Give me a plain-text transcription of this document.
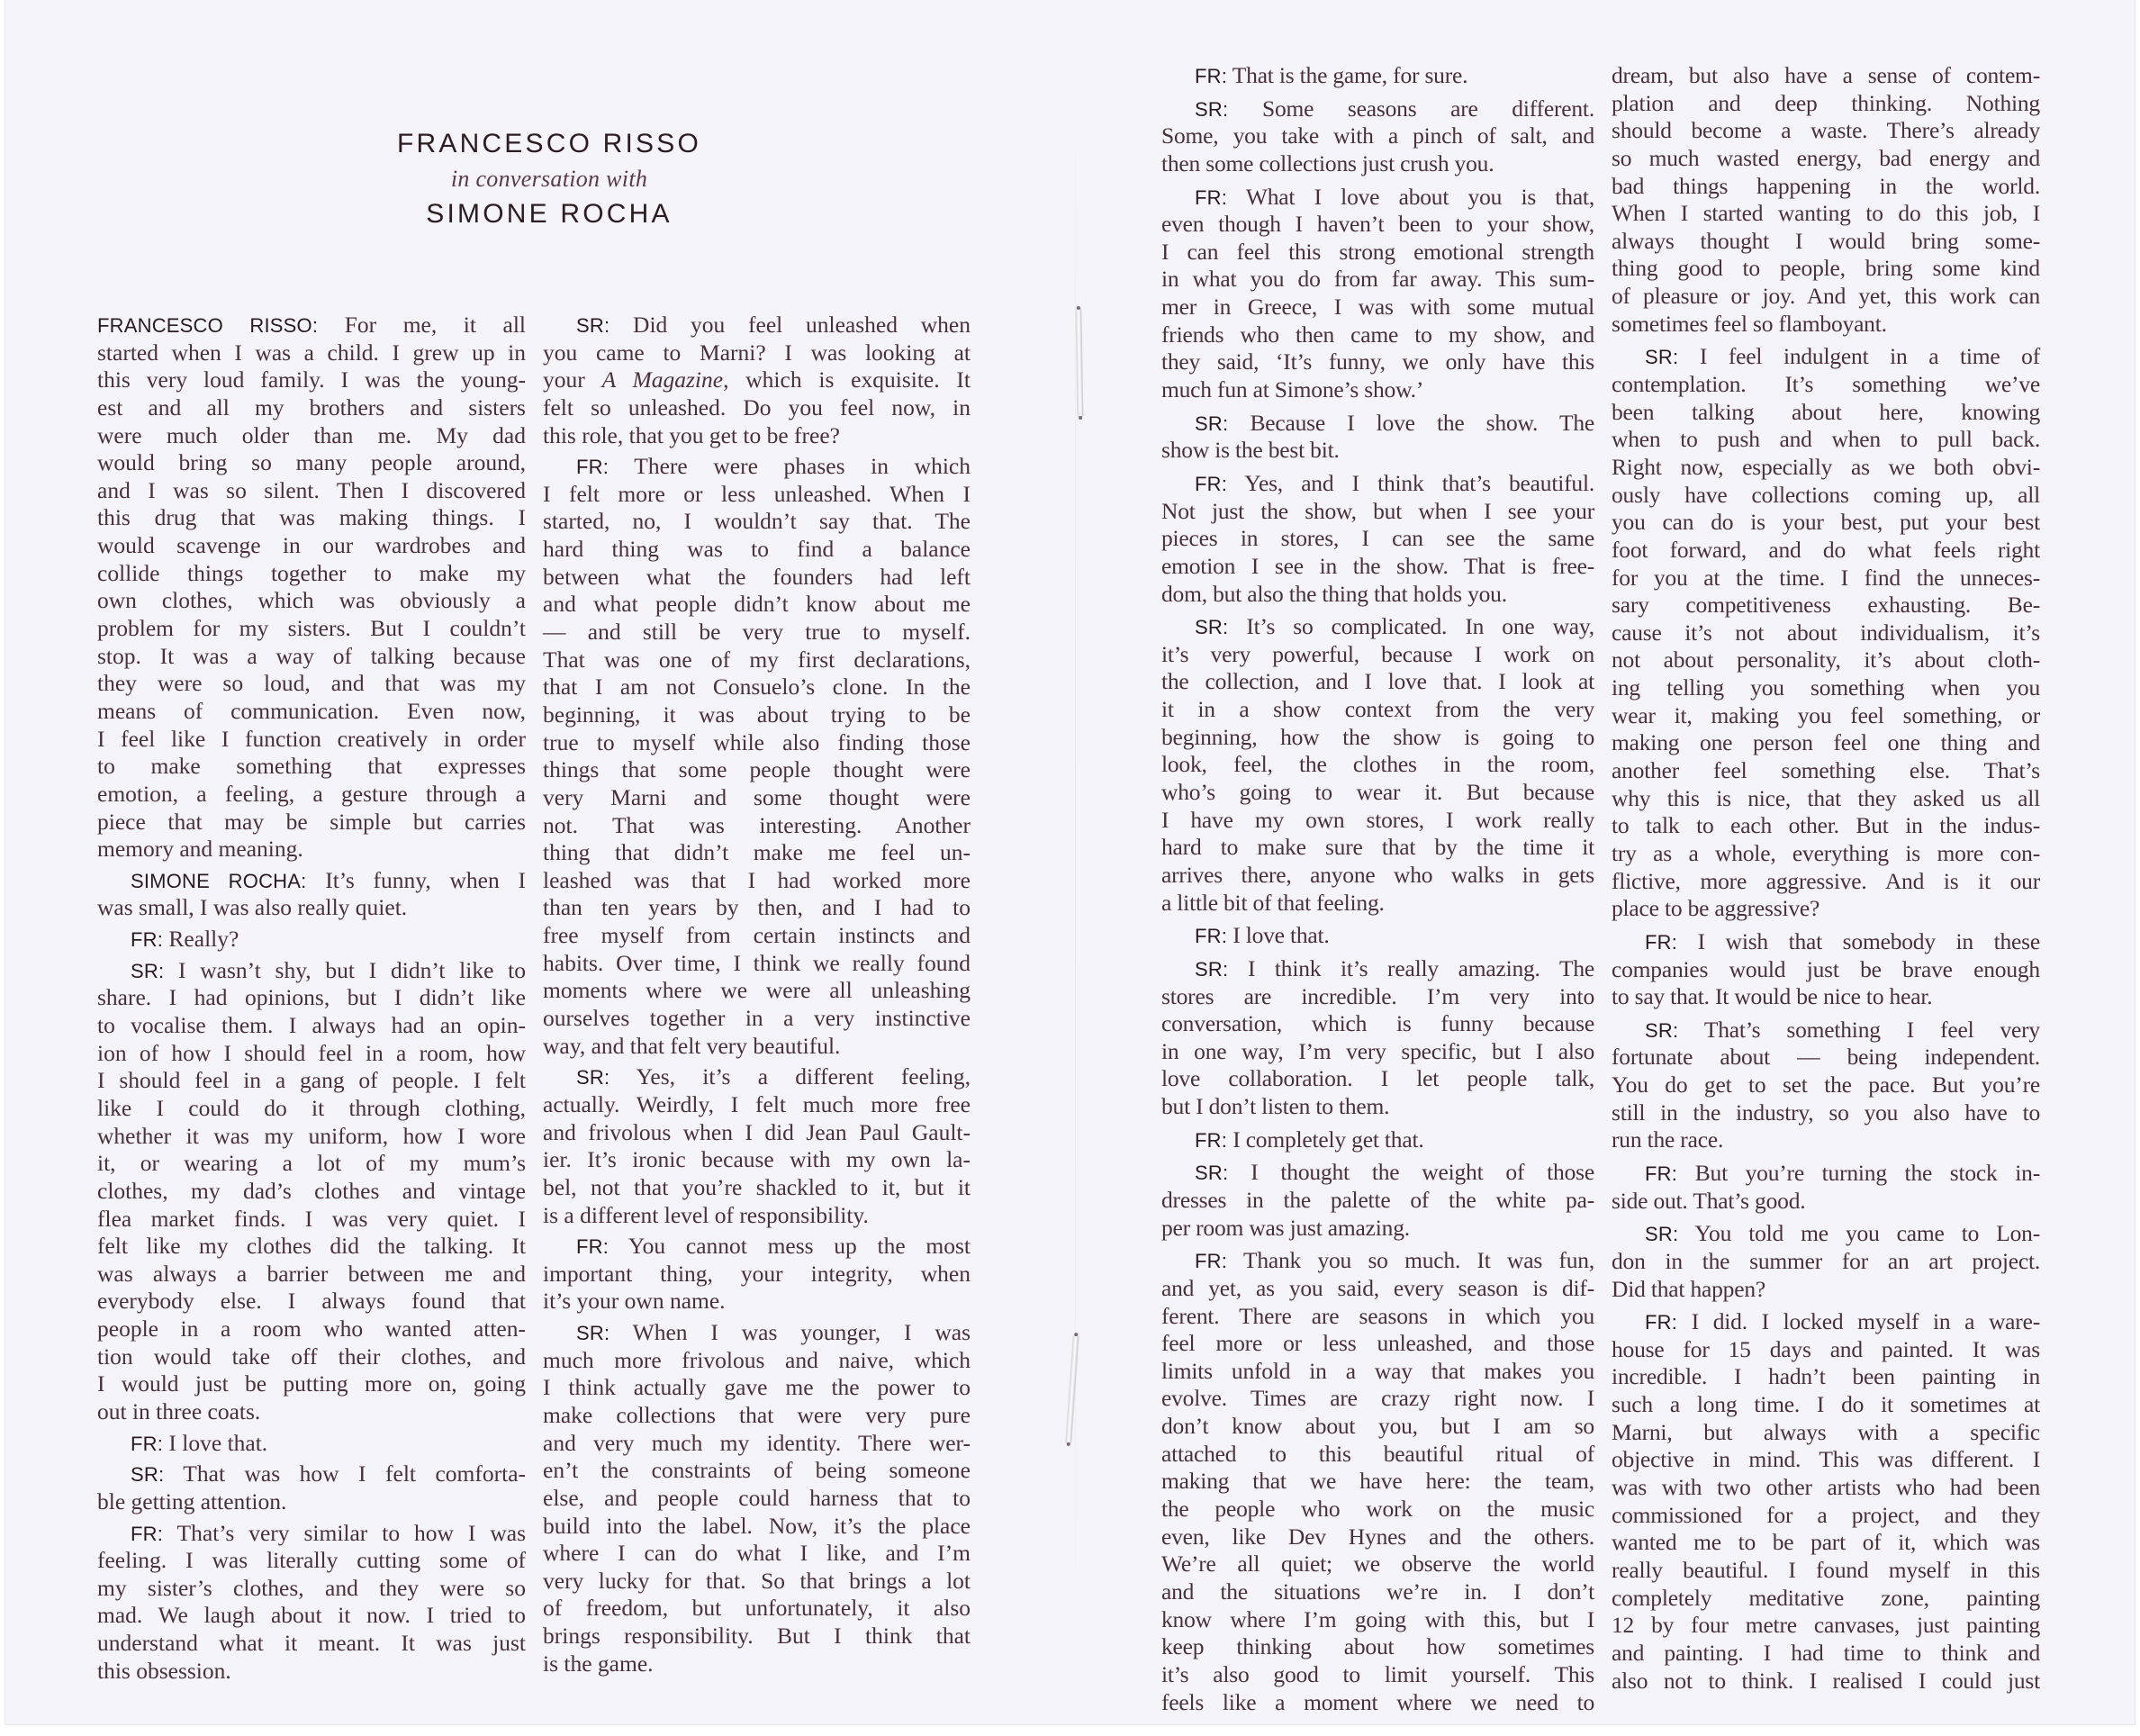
FRANCESCO RISSO
in conversation with
SIMONE ROCHA
FRANCESCO RISSO: For me, it all
started when I was a child. I grew up in
this very loud family. I was the young-
est and all my brothers and sisters
were much older than me. My dad
would bring so many people around,
and I was so silent. Then I discovered
this drug that was making things. I
would scavenge in our wardrobes and
collide things together to make my
own clothes, which was obviously a
problem for my sisters. But I couldn’t
stop. It was a way of talking because
they were so loud, and that was my
means of communication. Even now,
I feel like I function creatively in order
to make something that expresses
emotion, a feeling, a gesture through a
piece that may be simple but carries
memory and meaning.
SIMONE ROCHA: It’s funny, when I
was small, I was also really quiet.
FR: Really?
SR: I wasn’t shy, but I didn’t like to
share. I had opinions, but I didn’t like
to vocalise them. I always had an opin-
ion of how I should feel in a room, how
I should feel in a gang of people. I felt
like I could do it through clothing,
whether it was my uniform, how I wore
it, or wearing a lot of my mum’s
clothes, my dad’s clothes and vintage
flea market finds. I was very quiet. I
felt like my clothes did the talking. It
was always a barrier between me and
everybody else. I always found that
people in a room who wanted atten-
tion would take off their clothes, and
I would just be putting more on, going
out in three coats.
FR: I love that.
SR: That was how I felt comforta-
ble getting attention.
FR: That’s very similar to how I was
feeling. I was literally cutting some of
my sister’s clothes, and they were so
mad. We laugh about it now. I tried to
understand what it meant. It was just
this obsession.
SR: Did you feel unleashed when
you came to Marni? I was looking at
your A Magazine, which is exquisite. It
felt so unleashed. Do you feel now, in
this role, that you get to be free?
FR: There were phases in which
I felt more or less unleashed. When I
started, no, I wouldn’t say that. The
hard thing was to find a balance
between what the founders had left
and what people didn’t know about me
— and still be very true to myself.
That was one of my first declarations,
that I am not Consuelo’s clone. In the
beginning, it was about trying to be
true to myself while also finding those
things that some people thought were
very Marni and some thought were
not. That was interesting. Another
thing that didn’t make me feel un-
leashed was that I had worked more
than ten years by then, and I had to
free myself from certain instincts and
habits. Over time, I think we really found
moments where we were all unleashing
ourselves together in a very instinctive
way, and that felt very beautiful.
SR: Yes, it’s a different feeling,
actually. Weirdly, I felt much more free
and frivolous when I did Jean Paul Gault-
ier. It’s ironic because with my own la-
bel, not that you’re shackled to it, but it
is a different level of responsibility.
FR: You cannot mess up the most
important thing, your integrity, when
it’s your own name.
SR: When I was younger, I was
much more frivolous and naive, which
I think actually gave me the power to
make collections that were very pure
and very much my identity. There wer-
en’t the constraints of being someone
else, and people could harness that to
build into the label. Now, it’s the place
where I can do what I like, and I’m
very lucky for that. So that brings a lot
of freedom, but unfortunately, it also
brings responsibility. But I think that
is the game.
FR: That is the game, for sure.
SR: Some seasons are different.
Some, you take with a pinch of salt, and
then some collections just crush you.
FR: What I love about you is that,
even though I haven’t been to your show,
I can feel this strong emotional strength
in what you do from far away. This sum-
mer in Greece, I was with some mutual
friends who then came to my show, and
they said, ‘It’s funny, we only have this
much fun at Simone’s show.’
SR: Because I love the show. The
show is the best bit.
FR: Yes, and I think that’s beautiful.
Not just the show, but when I see your
pieces in stores, I can see the same
emotion I see in the show. That is free-
dom, but also the thing that holds you.
SR: It’s so complicated. In one way,
it’s very powerful, because I work on
the collection, and I love that. I look at
it in a show context from the very
beginning, how the show is going to
look, feel, the clothes in the room,
who’s going to wear it. But because
I have my own stores, I work really
hard to make sure that by the time it
arrives there, anyone who walks in gets
a little bit of that feeling.
FR: I love that.
SR: I think it’s really amazing. The
stores are incredible. I’m very into
conversation, which is funny because
in one way, I’m very specific, but I also
love collaboration. I let people talk,
but I don’t listen to them.
FR: I completely get that.
SR: I thought the weight of those
dresses in the palette of the white pa-
per room was just amazing.
FR: Thank you so much. It was fun,
and yet, as you said, every season is dif-
ferent. There are seasons in which you
feel more or less unleashed, and those
limits unfold in a way that makes you
evolve. Times are crazy right now. I
don’t know about you, but I am so
attached to this beautiful ritual of
making that we have here: the team,
the people who work on the music
even, like Dev Hynes and the others.
We’re all quiet; we observe the world
and the situations we’re in. I don’t
know where I’m going with this, but I
keep thinking about how sometimes
it’s also good to limit yourself. This
feels like a moment where we need to
dream, but also have a sense of contem-
plation and deep thinking. Nothing
should become a waste. There’s already
so much wasted energy, bad energy and
bad things happening in the world.
When I started wanting to do this job, I
always thought I would bring some-
thing good to people, bring some kind
of pleasure or joy. And yet, this work can
sometimes feel so flamboyant.
SR: I feel indulgent in a time of
contemplation. It’s something we’ve
been talking about here, knowing
when to push and when to pull back.
Right now, especially as we both obvi-
ously have collections coming up, all
you can do is your best, put your best
foot forward, and do what feels right
for you at the time. I find the unneces-
sary competitiveness exhausting. Be-
cause it’s not about individualism, it’s
not about personality, it’s about cloth-
ing telling you something when you
wear it, making you feel something, or
making one person feel one thing and
another feel something else. That’s
why this is nice, that they asked us all
to talk to each other. But in the indus-
try as a whole, everything is more con-
flictive, more aggressive. And is it our
place to be aggressive?
FR: I wish that somebody in these
companies would just be brave enough
to say that. It would be nice to hear.
SR: That’s something I feel very
fortunate about — being independent.
You do get to set the pace. But you’re
still in the industry, so you also have to
run the race.
FR: But you’re turning the stock in-
side out. That’s good.
SR: You told me you came to Lon-
don in the summer for an art project.
Did that happen?
FR: I did. I locked myself in a ware-
house for 15 days and painted. It was
incredible. I hadn’t been painting in
such a long time. I do it sometimes at
Marni, but always with a specific
objective in mind. This was different. I
was with two other artists who had been
commissioned for a project, and they
wanted me to be part of it, which was
really beautiful. I found myself in this
completely meditative zone, painting
12 by four metre canvases, just painting
and painting. I had time to think and
also not to think. I realised I could just
